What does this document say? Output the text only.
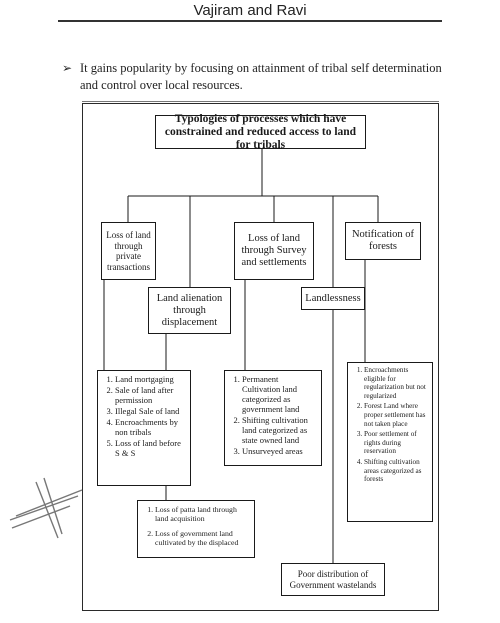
Vajiram and Ravi
➢ It gains popularity by focusing on attainment of tribal self determination and control over local resources.
Typologies of processes which have constrained and reduced access to land for tribals
Loss of land through private transactions
Loss of land through Survey and settlements
Notification of forests
Land alienation through displacement
Landlessness
1. Land mortgaging
2. Sale of land after permission
3. Illegal Sale of land
4. Encroachments by non tribals
5. Loss of land before S & S
1. Permanent Cultivation land categorized as government land
2. Shifting cultivation land categorized as state owned land
3. Unsurveyed areas
1. Encroachments eligible for regularization but not regularized
2. Forest Land where proper settlement has not taken place
3. Poor settlement of rights during reservation
4. Shifting cultivation areas categorized as forests
1. Loss of patta land through land acquisition
2. Loss of government land cultivated by the displaced
Poor distribution of Government wastelands
